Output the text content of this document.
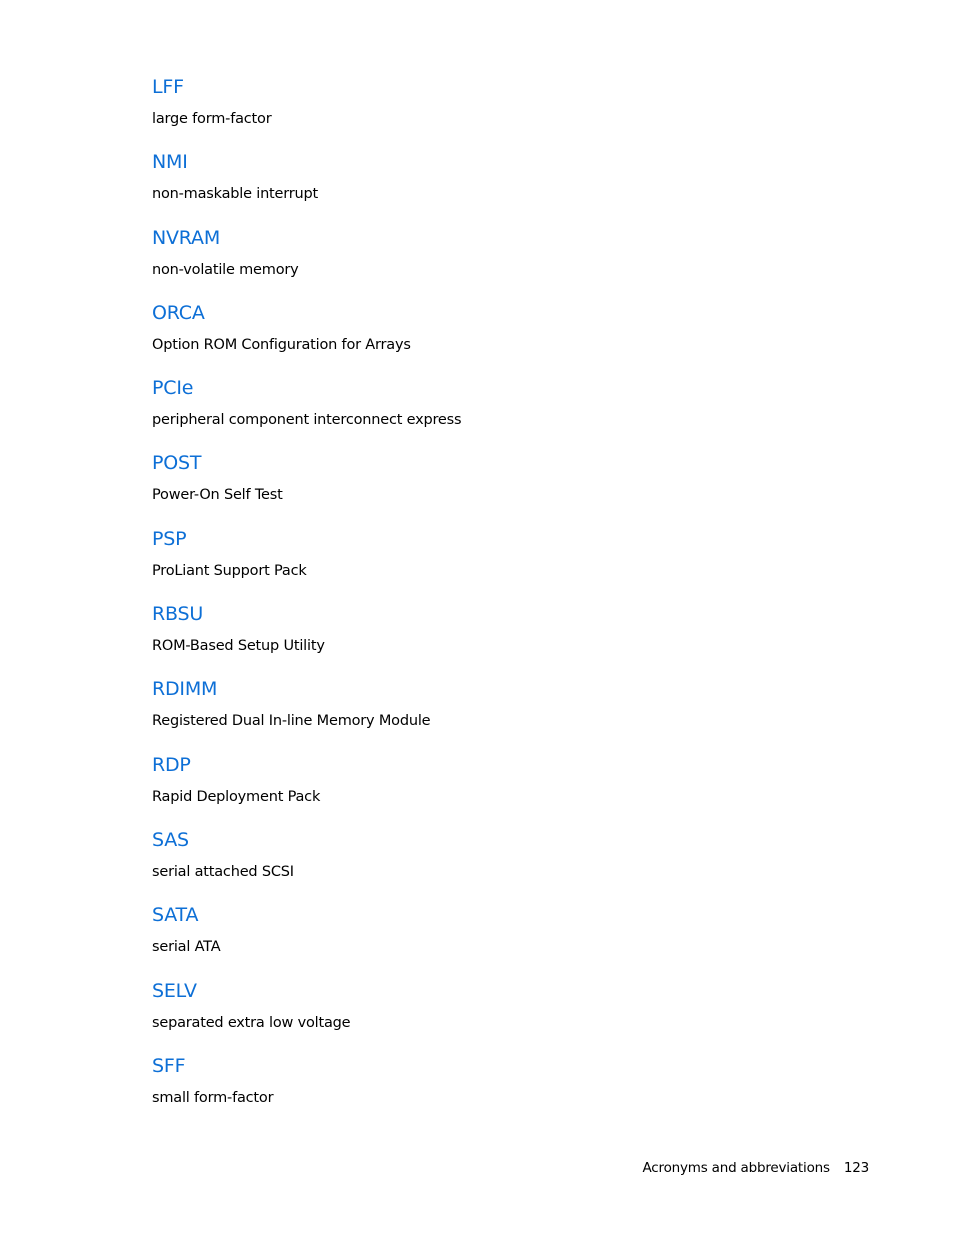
LFF
large form-factor
NMI
non-maskable interrupt
NVRAM
non-volatile memory
ORCA
Option ROM Configuration for Arrays
PCIe
peripheral component interconnect express
POST
Power-On Self Test
PSP
ProLiant Support Pack
RBSU
ROM-Based Setup Utility
RDIMM
Registered Dual In-line Memory Module
RDP
Rapid Deployment Pack
SAS
serial attached SCSI
SATA
serial ATA
SELV
separated extra low voltage
SFF
small form-factor
Acronyms and abbreviations 123
